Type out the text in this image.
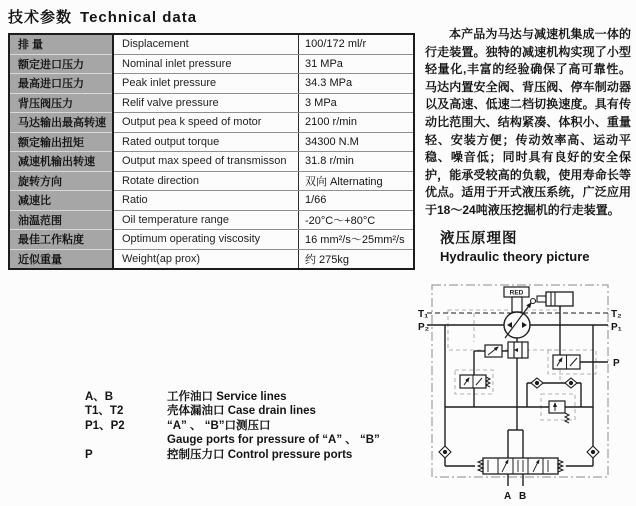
技术参数 Technical data
排 量	Displacement	100/172 ml/r
额定进口压力	Nominal inlet pressure	31 MPa
最高进口压力	Peak inlet pressure	34.3 MPa
背压阀压力	Relif valve pressure	3 MPa
马达输出最高转速	Output pea k speed of motor	2100 r/min
额定输出扭矩	Rated output torque	34300 N.M
减速机输出转速	Output max speed of transmisson	31.8 r/min
旋转方向	Rotate direction	双向 Alternating
减速比	Ratio	1/66
油温范围	Oil temperature range	-20°C～+80°C
最佳工作粘度	Optimum operating viscosity	16 mm²/s～25mm²/s
近似重量	Weight(ap prox)	约 275kg
本产品为马达与减速机集成一体的行走装置。独特的减速机构实现了小型轻量化,丰富的经验确保了高可靠性。马达内置安全阀、背压阀、停车制动器以及高速、低速二档切换速度。具有传动比范围大、结构紧凑、体积小、重量轻、安装方便；传动效率高、运动平稳、噪音低；同时具有良好的安全保护，能承受较高的负载，使用寿命长等优点。适用于开式液压系统，广泛应用于18～24吨液压挖掘机的行走装置。
液压原理图
Hydraulic theory picture
A、B	工作油口 Service lines
T1、T2	壳体漏油口 Case drain lines
P1、P2	“A” 、 “B”口测压口
Gauge ports for pressure of “A” 、 “B”
P	控制压力口 Control pressure ports
RED
T₁
P₂
T₂
P₁
P
A B
